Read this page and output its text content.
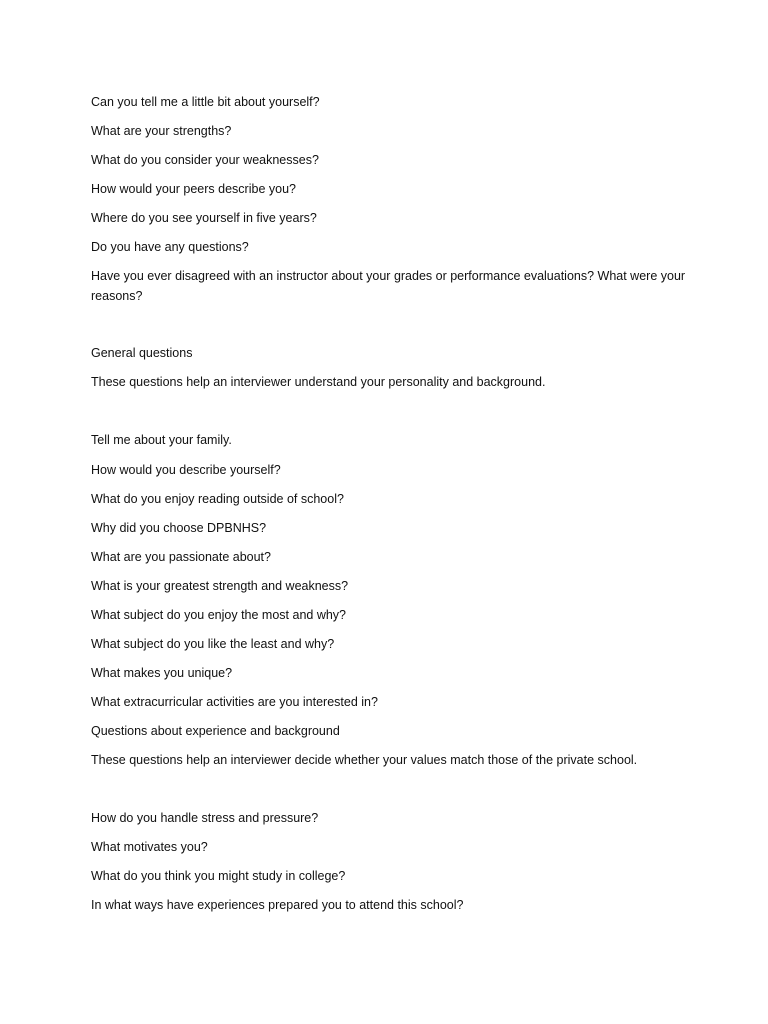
Can you tell me a little bit about yourself?

What are your strengths?

What do you consider your weaknesses?

How would your peers describe you?

Where do you see yourself in five years?

Do you have any questions?

Have you ever disagreed with an instructor about your grades or performance evaluations? What were your reasons?

General questions

These questions help an interviewer understand your personality and background.

Tell me about your family.

How would you describe yourself?

What do you enjoy reading outside of school?

Why did you choose DPBNHS?

What are you passionate about?

What is your greatest strength and weakness?

What subject do you enjoy the most and why?

What subject do you like the least and why?

What makes you unique?

What extracurricular activities are you interested in?

Questions about experience and background

These questions help an interviewer decide whether your values match those of the private school.

How do you handle stress and pressure?

What motivates you?

What do you think you might study in college?

In what ways have experiences prepared you to attend this school?
